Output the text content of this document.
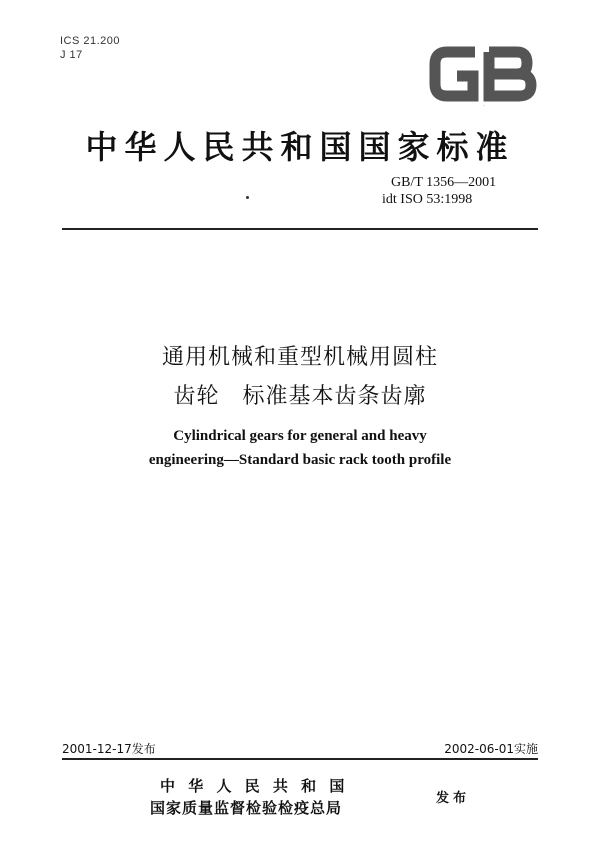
ICS 21.200
J 17
GB
中华人民共和国国家标准
GB/T 1356—2001
idt ISO 53:1998
通用机械和重型机械用圆柱
齿轮　标准基本齿条齿廓
Cylindrical gears for general and heavy
engineering—Standard basic rack tooth profile
2001-12-17发布	2002-06-01实施
中 华 人 民 共 和 国
国家质量监督检验检疫总局
发布
